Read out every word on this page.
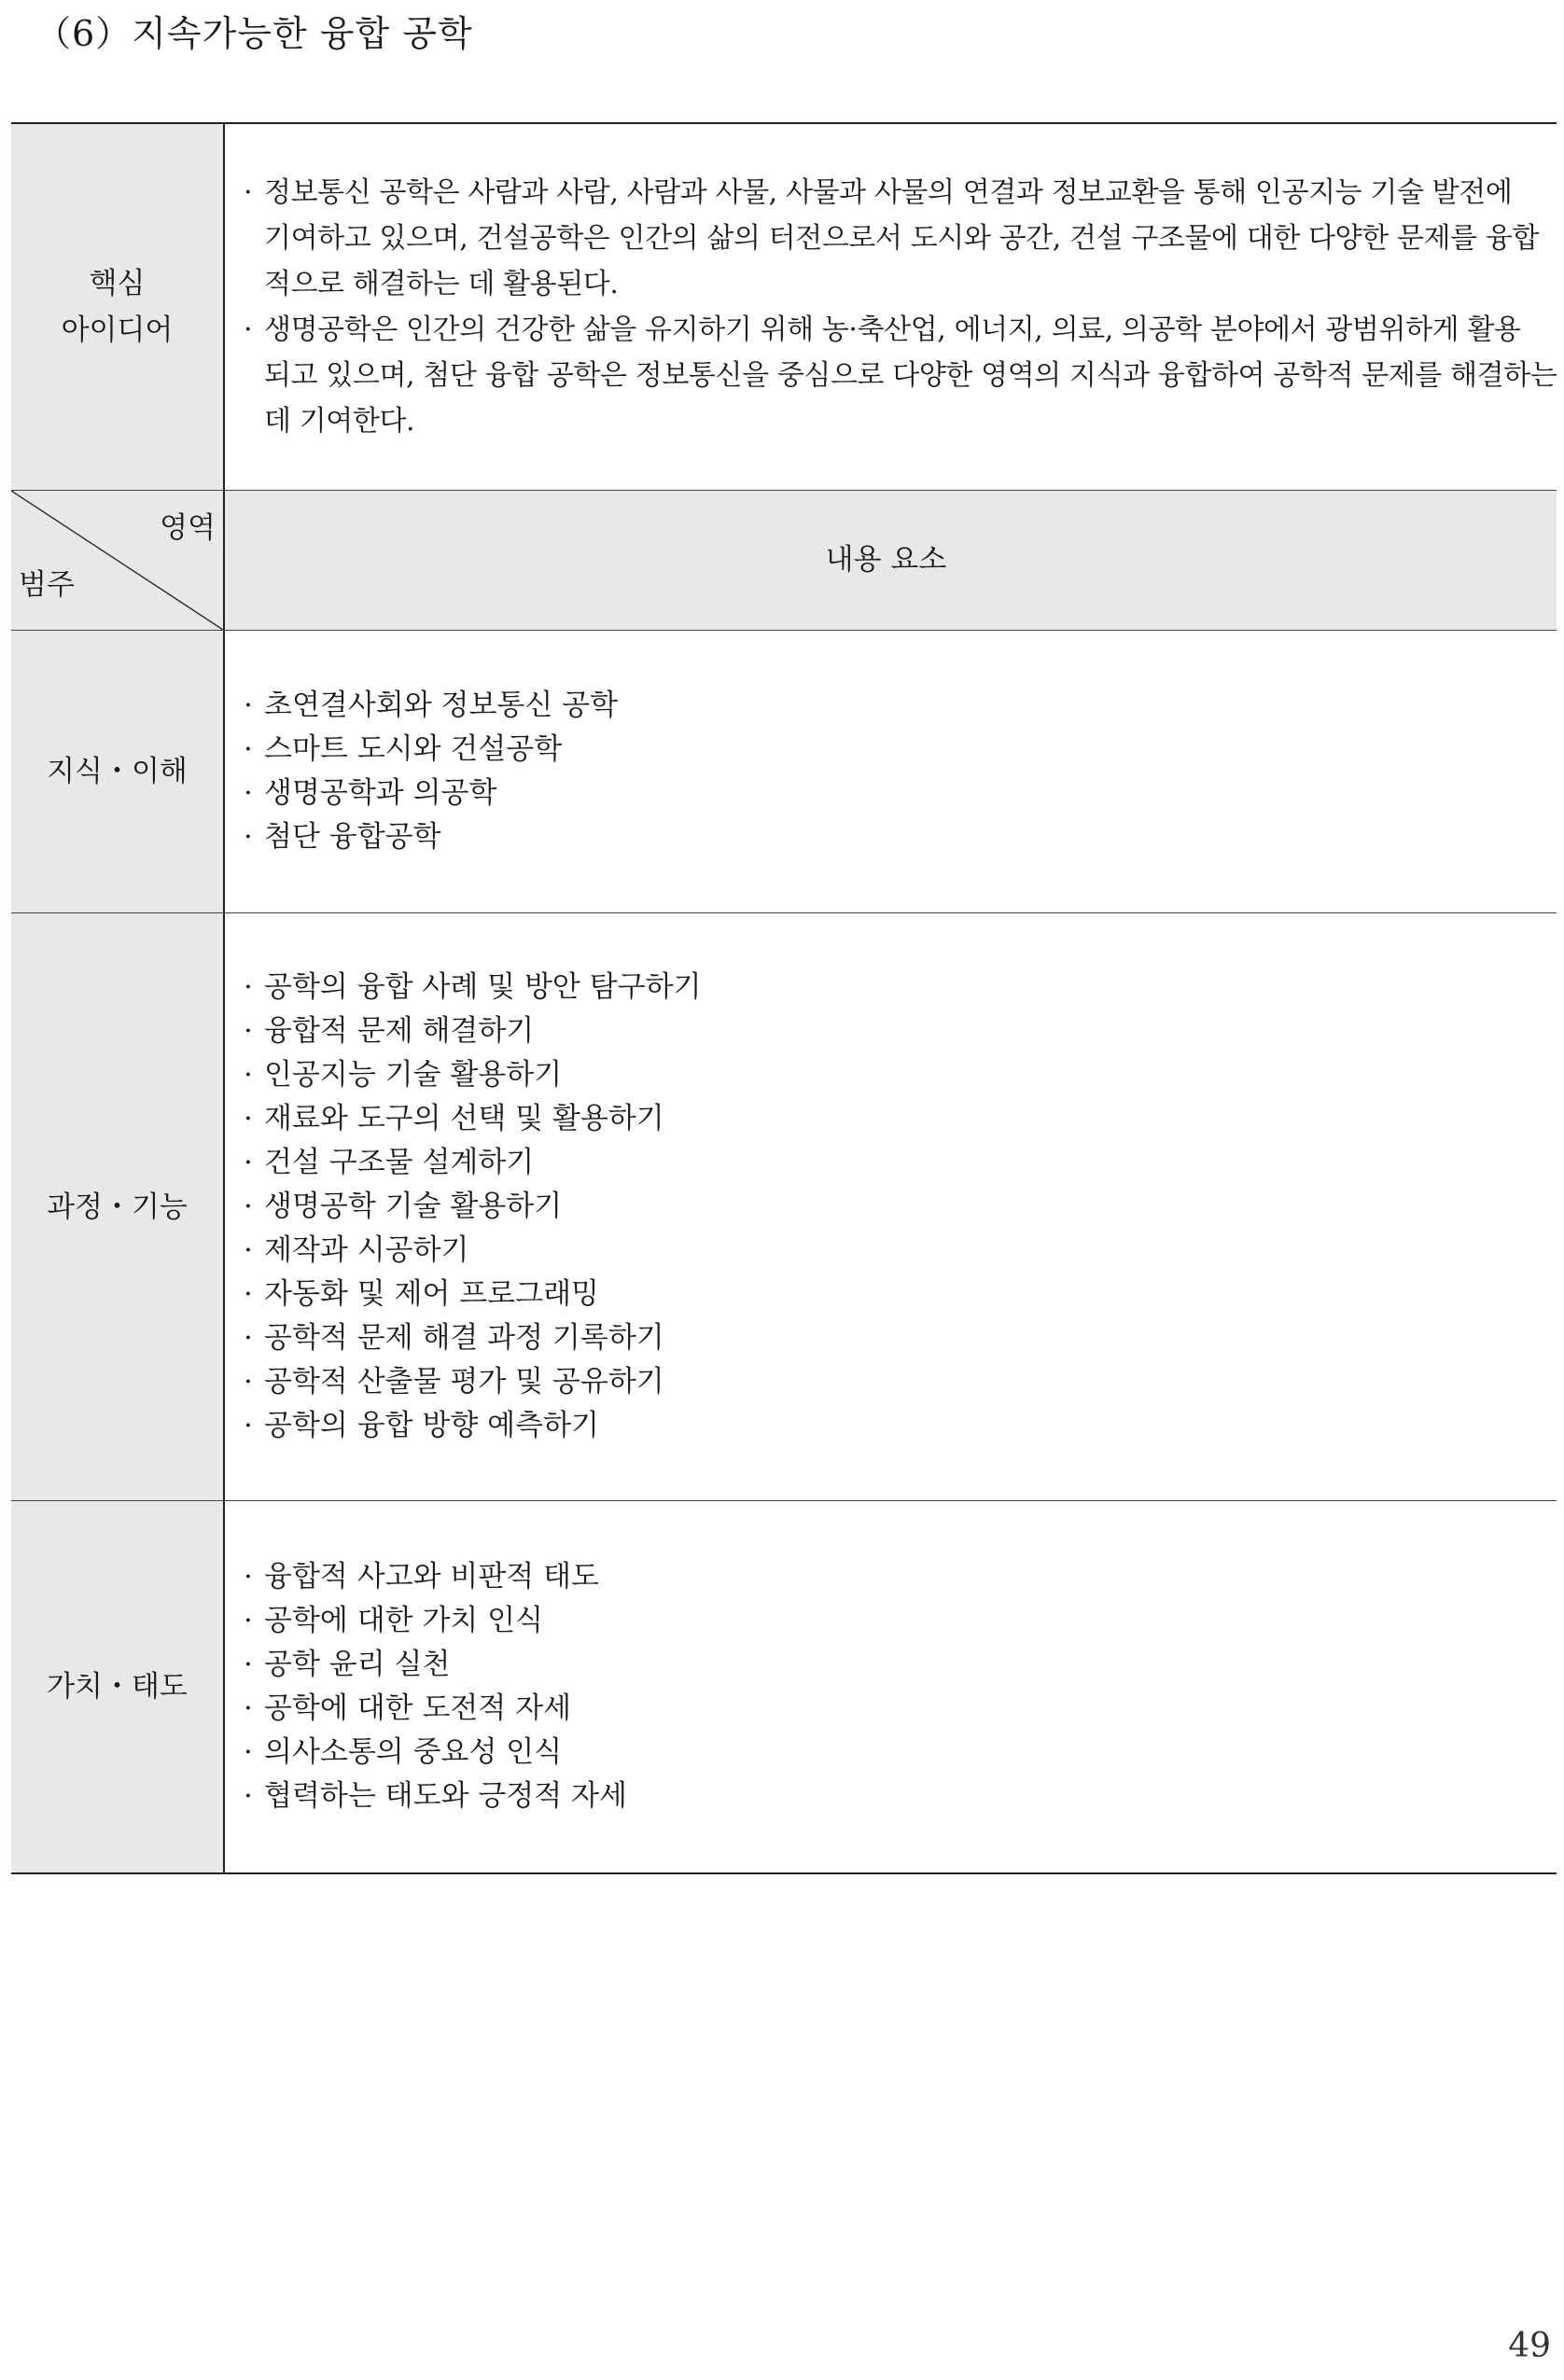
（6）지속가능한 융합 공학
핵심
아이디어
· 정보통신 공학은 사람과 사람, 사람과 사물, 사물과 사물의 연결과 정보교환을 통해 인공지능 기술 발전에
기여하고 있으며, 건설공학은 인간의 삶의 터전으로서 도시와 공간, 건설 구조물에 대한 다양한 문제를 융합
적으로 해결하는 데 활용된다.
· 생명공학은 인간의 건강한 삶을 유지하기 위해 농·축산업, 에너지, 의료, 의공학 분야에서 광범위하게 활용
되고 있으며, 첨단 융합 공학은 정보통신을 중심으로 다양한 영역의 지식과 융합하여 공학적 문제를 해결하는
데 기여한다.
영역
범주
내용 요소
지식・이해
· 초연결사회와 정보통신 공학
· 스마트 도시와 건설공학
· 생명공학과 의공학
· 첨단 융합공학
과정・기능
· 공학의 융합 사례 및 방안 탐구하기
· 융합적 문제 해결하기
· 인공지능 기술 활용하기
· 재료와 도구의 선택 및 활용하기
· 건설 구조물 설계하기
· 생명공학 기술 활용하기
· 제작과 시공하기
· 자동화 및 제어 프로그래밍
· 공학적 문제 해결 과정 기록하기
· 공학적 산출물 평가 및 공유하기
· 공학의 융합 방향 예측하기
가치・태도
· 융합적 사고와 비판적 태도
· 공학에 대한 가치 인식
· 공학 윤리 실천
· 공학에 대한 도전적 자세
· 의사소통의 중요성 인식
· 협력하는 태도와 긍정적 자세
49
